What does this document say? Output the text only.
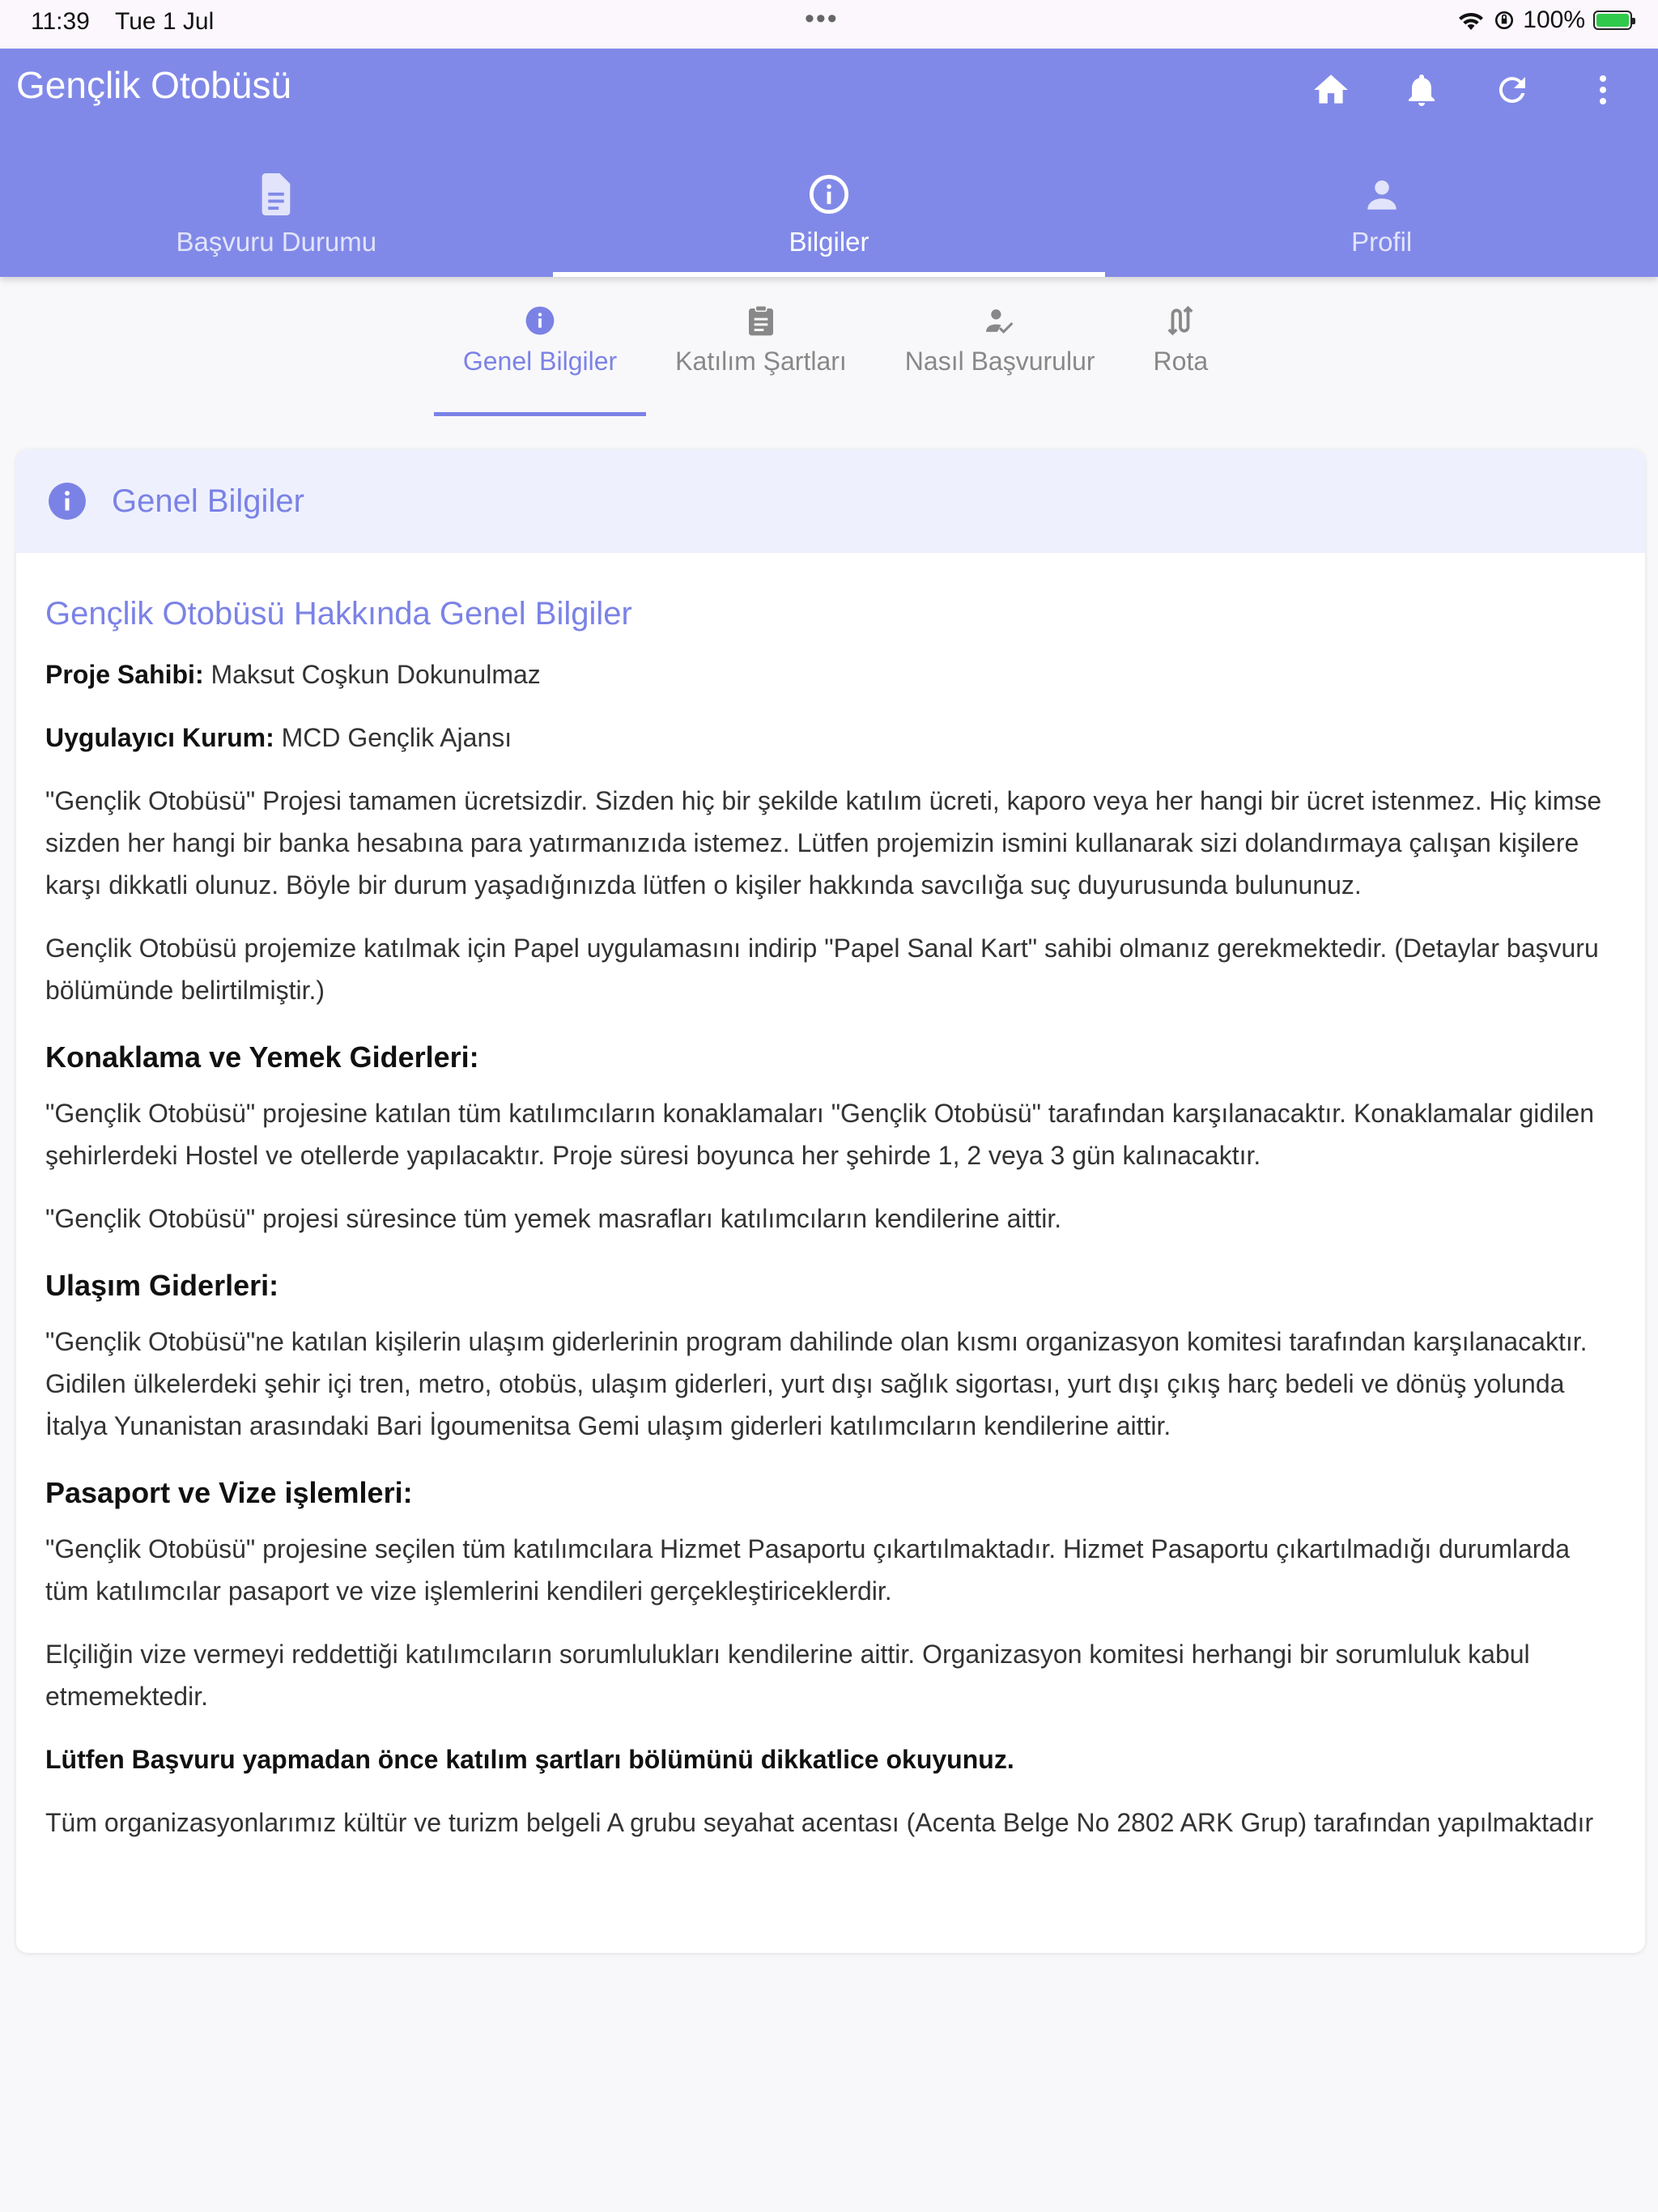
11:39 Tue 1 Jul	•••	100%
Gençlik Otobüsü
Başvuru Durumu	Bilgiler	Profil
Genel Bilgiler Katılım Şartları Nasıl Başvurulur Rota
Genel Bilgiler
Gençlik Otobüsü Hakkında Genel Bilgiler

Proje Sahibi: Maksut Coşkun Dokunulmaz

Uygulayıcı Kurum: MCD Gençlik Ajansı

"Gençlik Otobüsü" Projesi tamamen ücretsizdir. Sizden hiç bir şekilde katılım ücreti, kaporo veya her hangi bir ücret istenmez. Hiç kimse sizden her hangi bir banka hesabına para yatırmanızıda istemez. Lütfen projemizin ismini kullanarak sizi dolandırmaya çalışan kişilere karşı dikkatli olunuz. Böyle bir durum yaşadığınızda lütfen o kişiler hakkında savcılığa suç duyurusunda bulununuz.

Gençlik Otobüsü projemize katılmak için Papel uygulamasını indirip "Papel Sanal Kart" sahibi olmanız gerekmektedir. (Detaylar başvuru bölümünde belirtilmiştir.)

Konaklama ve Yemek Giderleri:

"Gençlik Otobüsü" projesine katılan tüm katılımcıların konaklamaları "Gençlik Otobüsü" tarafından karşılanacaktır. Konaklamalar gidilen şehirlerdeki Hostel ve otellerde yapılacaktır. Proje süresi boyunca her şehirde 1, 2 veya 3 gün kalınacaktır.

"Gençlik Otobüsü" projesi süresince tüm yemek masrafları katılımcıların kendilerine aittir.

Ulaşım Giderleri:

"Gençlik Otobüsü"ne katılan kişilerin ulaşım giderlerinin program dahilinde olan kısmı organizasyon komitesi tarafından karşılanacaktır. Gidilen ülkelerdeki şehir içi tren, metro, otobüs, ulaşım giderleri, yurt dışı sağlık sigortası, yurt dışı çıkış harç bedeli ve dönüş yolunda İtalya Yunanistan arasındaki Bari İgoumenitsa Gemi ulaşım giderleri katılımcıların kendilerine aittir.

Pasaport ve Vize işlemleri:

"Gençlik Otobüsü" projesine seçilen tüm katılımcılara Hizmet Pasaportu çıkartılmaktadır. Hizmet Pasaportu çıkartılmadığı durumlarda tüm katılımcılar pasaport ve vize işlemlerini kendileri gerçekleştiriceklerdir.

Elçiliğin vize vermeyi reddettiği katılımcıların sorumlulukları kendilerine aittir. Organizasyon komitesi herhangi bir sorumluluk kabul etmemektedir.

Lütfen Başvuru yapmadan önce katılım şartları bölümünü dikkatlice okuyunuz.

Tüm organizasyonlarımız kültür ve turizm belgeli A grubu seyahat acentası (Acenta Belge No 2802 ARK Grup) tarafından yapılmaktadır
